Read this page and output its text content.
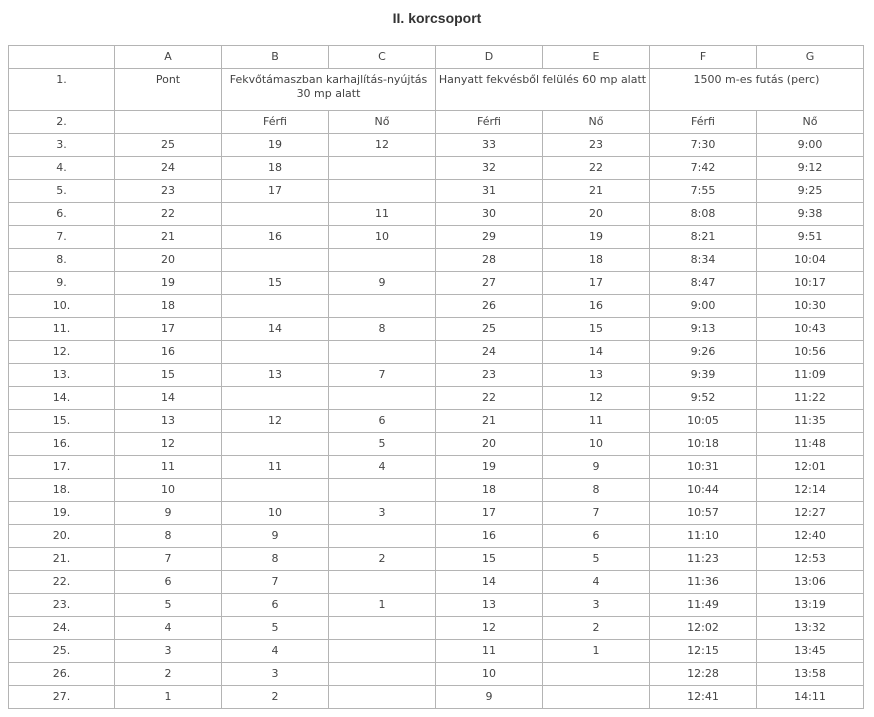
II. korcsoport
	A	B	C	D	E	F	G
1.	Pont	Fekvőtámaszban karhajlítás-nyújtás 30 mp alatt		Hanyatt fekvésből felülés 60 mp alatt		1500 m-es futás (perc)	
2.		Férfi	Nő	Férfi	Nő	Férfi	Nő
3.	25	19	12	33	23	7:30	9:00
4.	24	18		32	22	7:42	9:12
5.	23	17		31	21	7:55	9:25
6.	22		11	30	20	8:08	9:38
7.	21	16	10	29	19	8:21	9:51
8.	20			28	18	8:34	10:04
9.	19	15	9	27	17	8:47	10:17
10.	18			26	16	9:00	10:30
11.	17	14	8	25	15	9:13	10:43
12.	16			24	14	9:26	10:56
13.	15	13	7	23	13	9:39	11:09
14.	14			22	12	9:52	11:22
15.	13	12	6	21	11	10:05	11:35
16.	12		5	20	10	10:18	11:48
17.	11	11	4	19	9	10:31	12:01
18.	10			18	8	10:44	12:14
19.	9	10	3	17	7	10:57	12:27
20.	8	9		16	6	11:10	12:40
21.	7	8	2	15	5	11:23	12:53
22.	6	7		14	4	11:36	13:06
23.	5	6	1	13	3	11:49	13:19
24.	4	5		12	2	12:02	13:32
25.	3	4		11	1	12:15	13:45
26.	2	3		10		12:28	13:58
27.	1	2		9		12:41	14:11
